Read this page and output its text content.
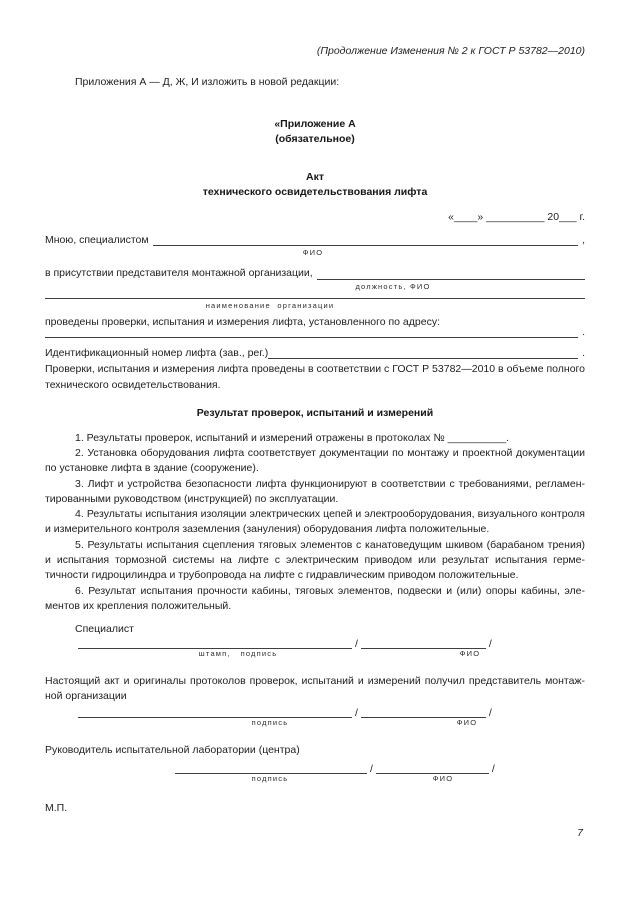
(Продолжение Изменения № 2 к ГОСТ Р 53782—2010)

Приложения А — Д, Ж, И изложить в новой редакции:

«Приложение А
(обязательное)
Акт
технического освидетельствования лифта
«____» __________ 20___ г.
Мною, специалистом	,
ФИО
в присутствии представителя монтажной организации,
должность, ФИО
наименование  организации

проведены проверки, испытания и измерения лифта, установленного по адресу:

.
Идентификационный номер лифта (зав., рег.)	.

Проверки, испытания и измерения лифта проведены в соответствии с ГОСТ Р 53782—2010 в объеме полного технического освидетельствования.

Результат проверок, испытаний и измерений

1. Результаты проверок, испытаний и измерений отражены в протоколах № __________.

2. Установка оборудования лифта соответствует документации по монтажу и проектной документации по установке лифта в здание (сооружение).

3. Лифт и устройства безопасности лифта функционируют в соответствии с требованиями, регламентированными руководством (инструкцией) по эксплуатации.

4. Результаты испытания изоляции электрических цепей и электрооборудования, визуального контроля и измерительного контроля заземления (зануления) оборудования лифта положительные.

5. Результаты испытания сцепления тяговых элементов с канатоведущим шкивом (барабаном трения) и испытания тормозной системы на лифте с электрическим приводом или результат испытания герметичности гидроцилиндра и трубопровода на лифте с гидравлическим приводом положительные.

6. Результат испытания прочности кабины, тяговых элементов, подвески и (или) опоры кабины, элементов их крепления положительный.

Специалист

/	/
штамп,   подпись	ФИО

Настоящий акт и оригиналы протоколов проверок, испытаний и измерений получил представитель монтажной организации

/	/
подпись	ФИО

Руководитель испытательной лаборатории (центра)

/	/
подпись	ФИО

М.П.

7
